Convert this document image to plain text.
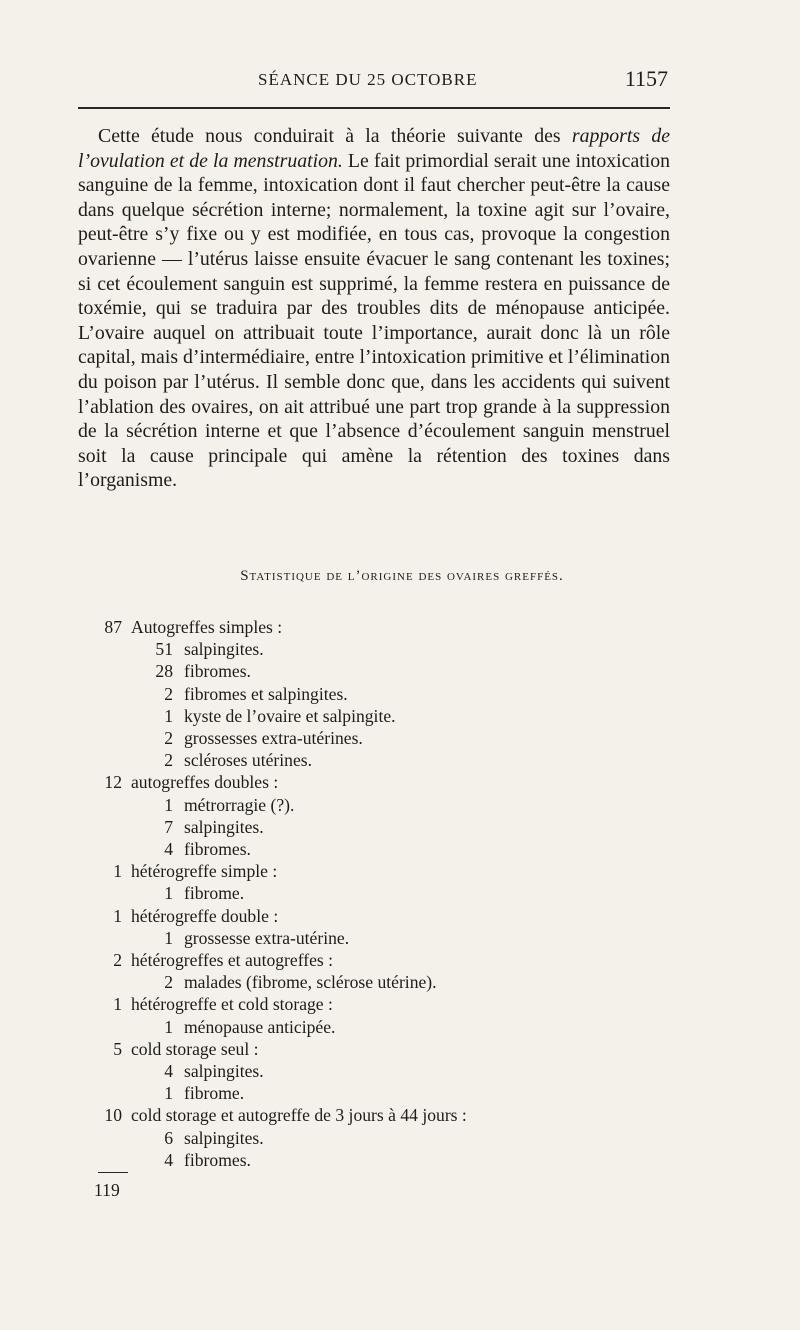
SÉANCE DU 25 OCTOBRE	1157

Cette étude nous conduirait à la théorie suivante des rapports de l’ovulation et de la menstruation. Le fait primordial serait une intoxication sanguine de la femme, intoxication dont il faut chercher peut-être la cause dans quelque sécrétion interne; normalement, la toxine agit sur l’ovaire, peut-être s’y fixe ou y est modifiée, en tous cas, provoque la congestion ovarienne — l’utérus laisse ensuite évacuer le sang contenant les toxines; si cet écoulement sanguin est supprimé, la femme restera en puissance de toxémie, qui se traduira par des troubles dits de ménopause anticipée. L’ovaire auquel on attribuait toute l’importance, aurait donc là un rôle capital, mais d’intermédiaire, entre l’intoxication primitive et l’élimination du poison par l’utérus. Il semble donc que, dans les accidents qui suivent l’ablation des ovaires, on ait attribué une part trop grande à la suppression de la sécrétion interne et que l’absence d’écoulement sanguin menstruel soit la cause principale qui amène la rétention des toxines dans l’organisme.

Statistique de l’origine des ovaires greffés.
87 Autogreffes simples :
51 salpingites.
28 fibromes.
2 fibromes et salpingites.
1 kyste de l’ovaire et salpingite.
2 grossesses extra-utérines.
2 scléroses utérines.
12 autogreffes doubles :
1 métrorragie (?).
7 salpingites.
4 fibromes.
1 hétérogreffe simple :
1 fibrome.
1 hétérogreffe double :
1 grossesse extra-utérine.
2 hétérogreffes et autogreffes :
2 malades (fibrome, sclérose utérine).
1 hétérogreffe et cold storage :
1 ménopause anticipée.
5 cold storage seul :
4 salpingites.
1 fibrome.
10 cold storage et autogreffe de 3 jours à 44 jours :
6 salpingites.
4 fibromes.
119
